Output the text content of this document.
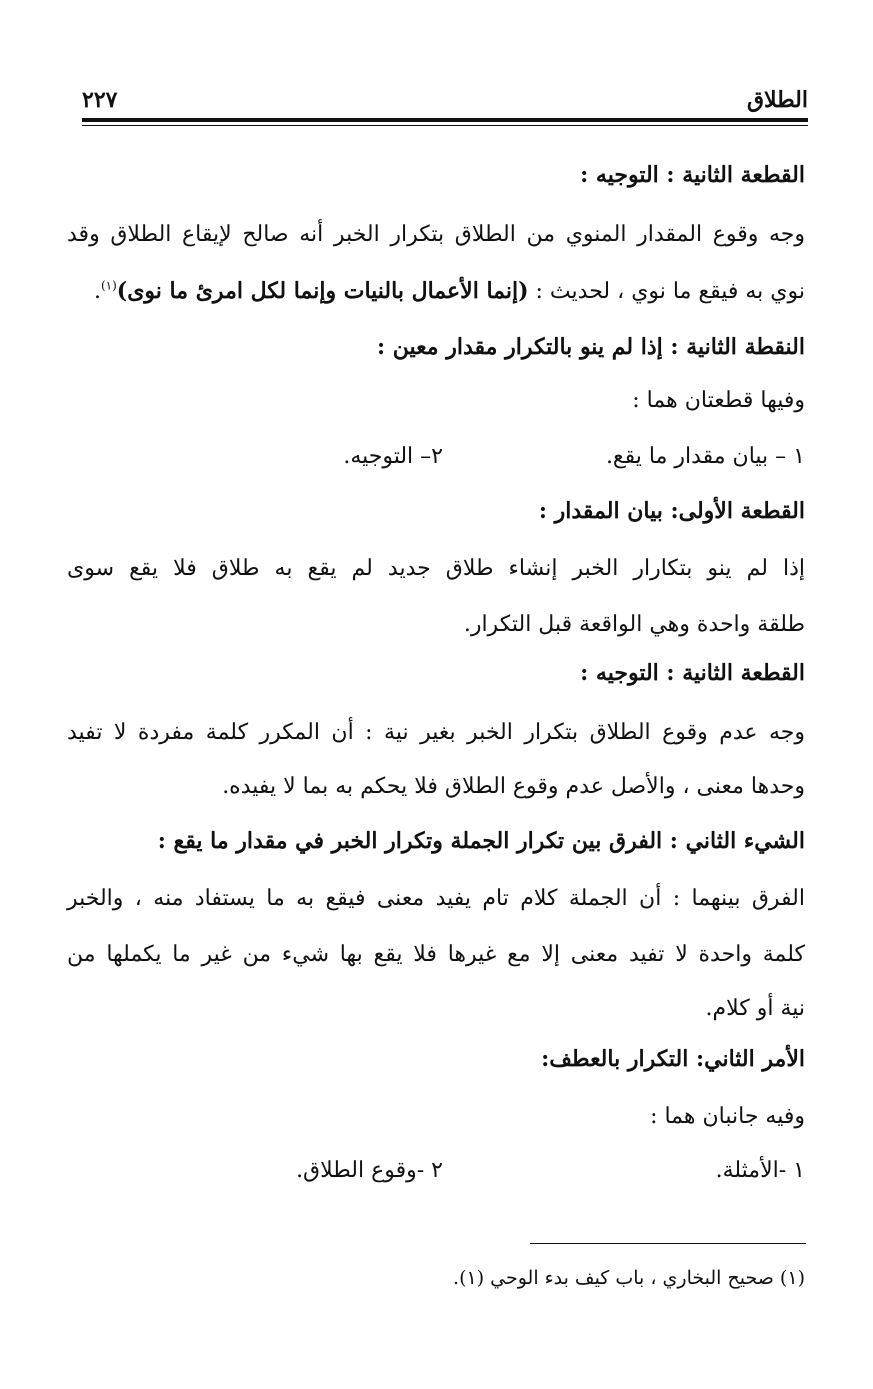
الطلاق
٢٢٧
القطعة الثانية : التوجيه :
وجه وقوع المقدار المنوي من الطلاق بتكرار الخبر أنه صالح لإيقاع الطلاق وقد
نوي به فيقع ما نوي ، لحديث : (إنما الأعمال بالنيات وإنما لكل امرئ ما نوى)$^{(١)}$.
النقطة الثانية : إذا لم ينو بالتكرار مقدار معين :
وفيها قطعتان هما :
١ – بيان مقدار ما يقع.
٢– التوجيه.
القطعة الأولى: بيان المقدار :
إذا لم ينو بتكارار الخبر إنشاء طلاق جديد لم يقع به طلاق فلا يقع سوى
طلقة واحدة وهي الواقعة قبل التكرار.
القطعة الثانية : التوجيه :
وجه عدم وقوع الطلاق بتكرار الخبر بغير نية : أن المكرر كلمة مفردة لا تفيد
وحدها معنى ، والأصل عدم وقوع الطلاق فلا يحكم به بما لا يفيده.
الشيء الثاني : الفرق بين تكرار الجملة وتكرار الخبر في مقدار ما يقع :
الفرق بينهما : أن الجملة كلام تام يفيد معنى فيقع به ما يستفاد منه ، والخبر
كلمة واحدة لا تفيد معنى إلا مع غيرها فلا يقع بها شيء من غير ما يكملها من
نية أو كلام.
الأمر الثاني: التكرار بالعطف:
وفيه جانبان هما :
١ -الأمثلة.
٢ -وقوع الطلاق.
(١) صحيح البخاري ، باب كيف بدء الوحي (١).
